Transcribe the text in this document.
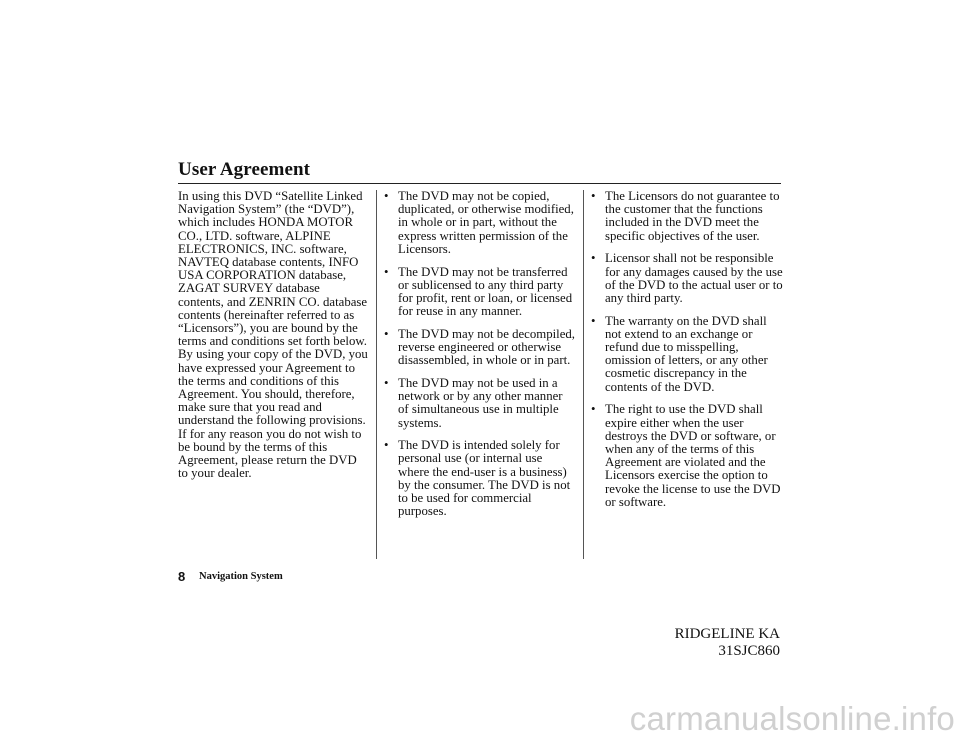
User Agreement

In using this DVD “Satellite Linked Navigation System” (the “DVD”), which includes HONDA MOTOR CO., LTD. software, ALPINE ELECTRONICS, INC. software, NAVTEQ database contents, INFO USA CORPORATION database, ZAGAT SURVEY database contents, and ZENRIN CO. database contents (hereinafter referred to as “Licensors”), you are bound by the terms and conditions set forth below.

By using your copy of the DVD, you have expressed your Agreement to the terms and conditions of this Agreement. You should, therefore, make sure that you read and understand the following provisions. If for any reason you do not wish to be bound by the terms of this Agreement, please return the DVD to your dealer.

• The DVD may not be copied, duplicated, or otherwise modified, in whole or in part, without the express written permission of the Licensors.
• The DVD may not be transferred or sublicensed to any third party for profit, rent or loan, or licensed for reuse in any manner.
• The DVD may not be decompiled, reverse engineered or otherwise disassembled, in whole or in part.
• The DVD may not be used in a network or by any other manner of simultaneous use in multiple systems.
• The DVD is intended solely for personal use (or internal use where the end-user is a business) by the consumer. The DVD is not to be used for commercial purposes.
• The Licensors do not guarantee to the customer that the functions included in the DVD meet the specific objectives of the user.
• Licensor shall not be responsible for any damages caused by the use of the DVD to the actual user or to any third party.
• The warranty on the DVD shall not extend to an exchange or refund due to misspelling, omission of letters, or any other cosmetic discrepancy in the contents of the DVD.
• The right to use the DVD shall expire either when the user destroys the DVD or software, or when any of the terms of this Agreement are violated and the Licensors exercise the option to revoke the license to use the DVD or software.
8 Navigation System
RIDGELINE KA 31SJC860
carmanualsonline.info
